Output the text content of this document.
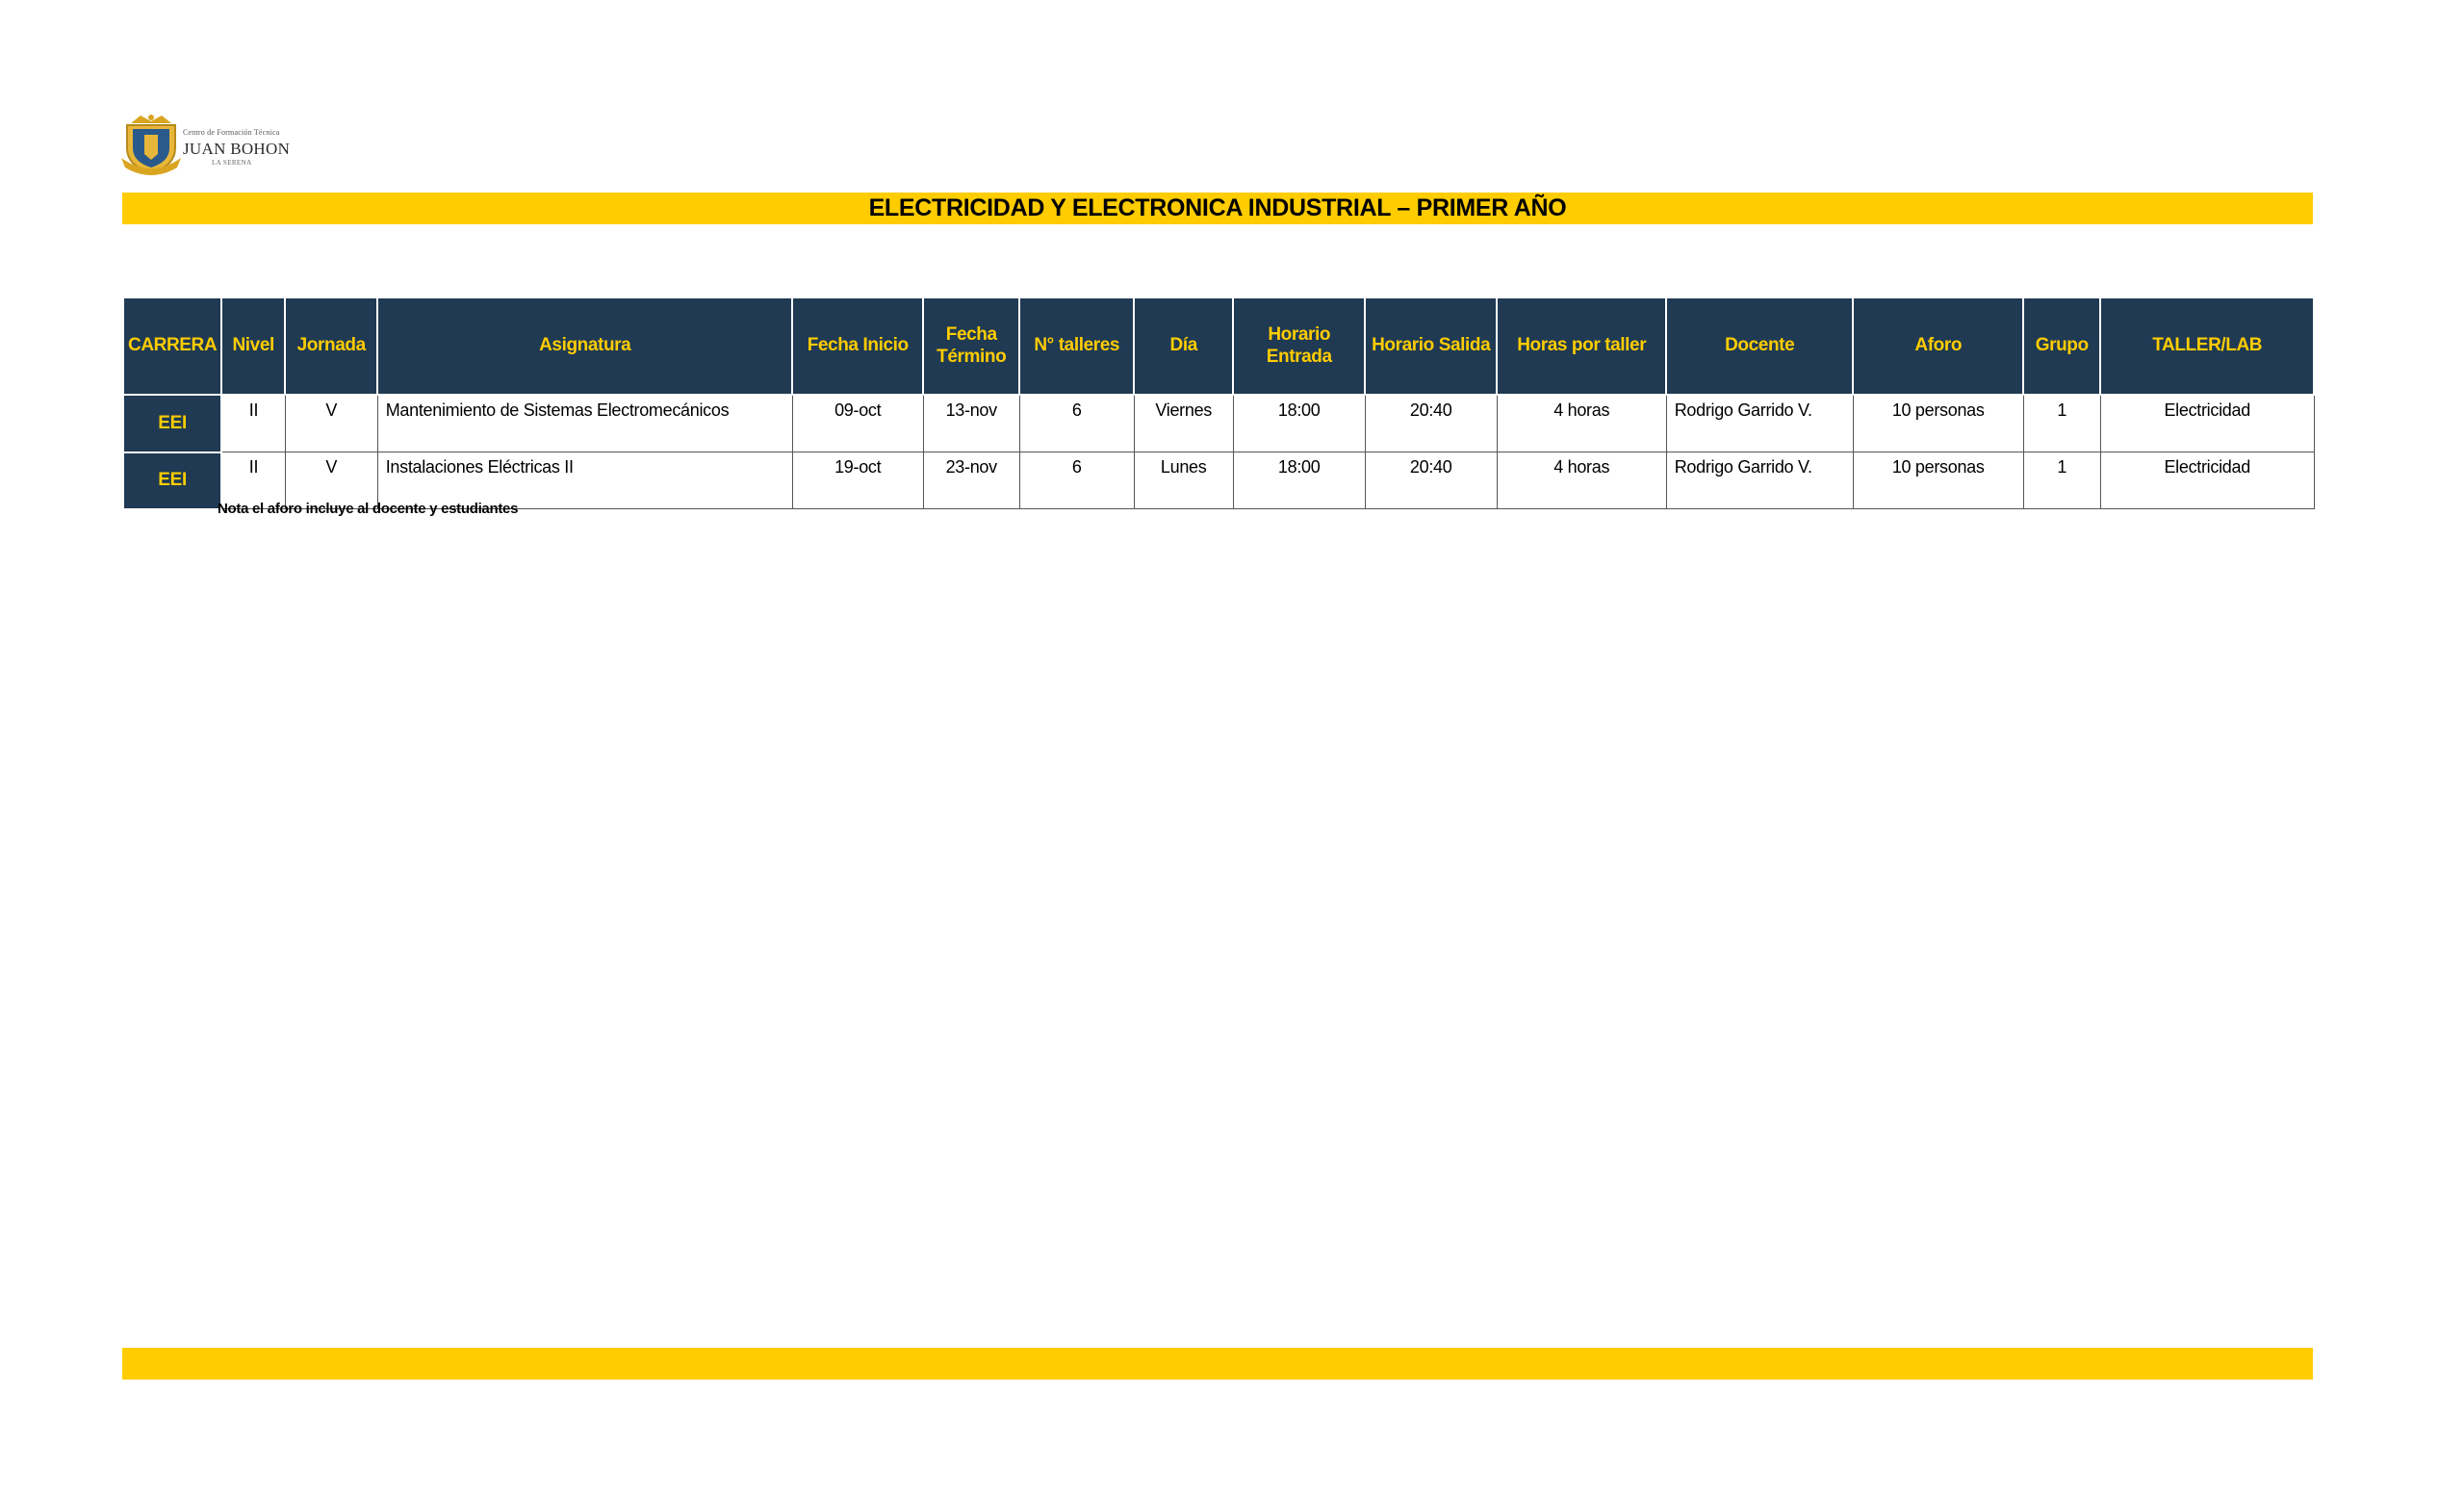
Centro de Formación Técnica
JUAN BOHON
LA SERENA
ELECTRICIDAD Y ELECTRONICA INDUSTRIAL – PRIMER AÑO
CARRERA	Nivel	Jornada	Asignatura	Fecha Inicio	Fecha Término	N° talleres	Día	Horario Entrada	Horario Salida	Horas por taller	Docente	Aforo	Grupo	TALLER/LAB
EEI	II	V	Mantenimiento de Sistemas Electromecánicos	09-oct	13-nov	6	Viernes	18:00	20:40	4 horas	Rodrigo Garrido V.	10 personas	1	Electricidad
EEI	II	V	Instalaciones Eléctricas II	19-oct	23-nov	6	Lunes	18:00	20:40	4 horas	Rodrigo Garrido V.	10 personas	1	Electricidad
Nota el aforo incluye al docente y estudiantes
